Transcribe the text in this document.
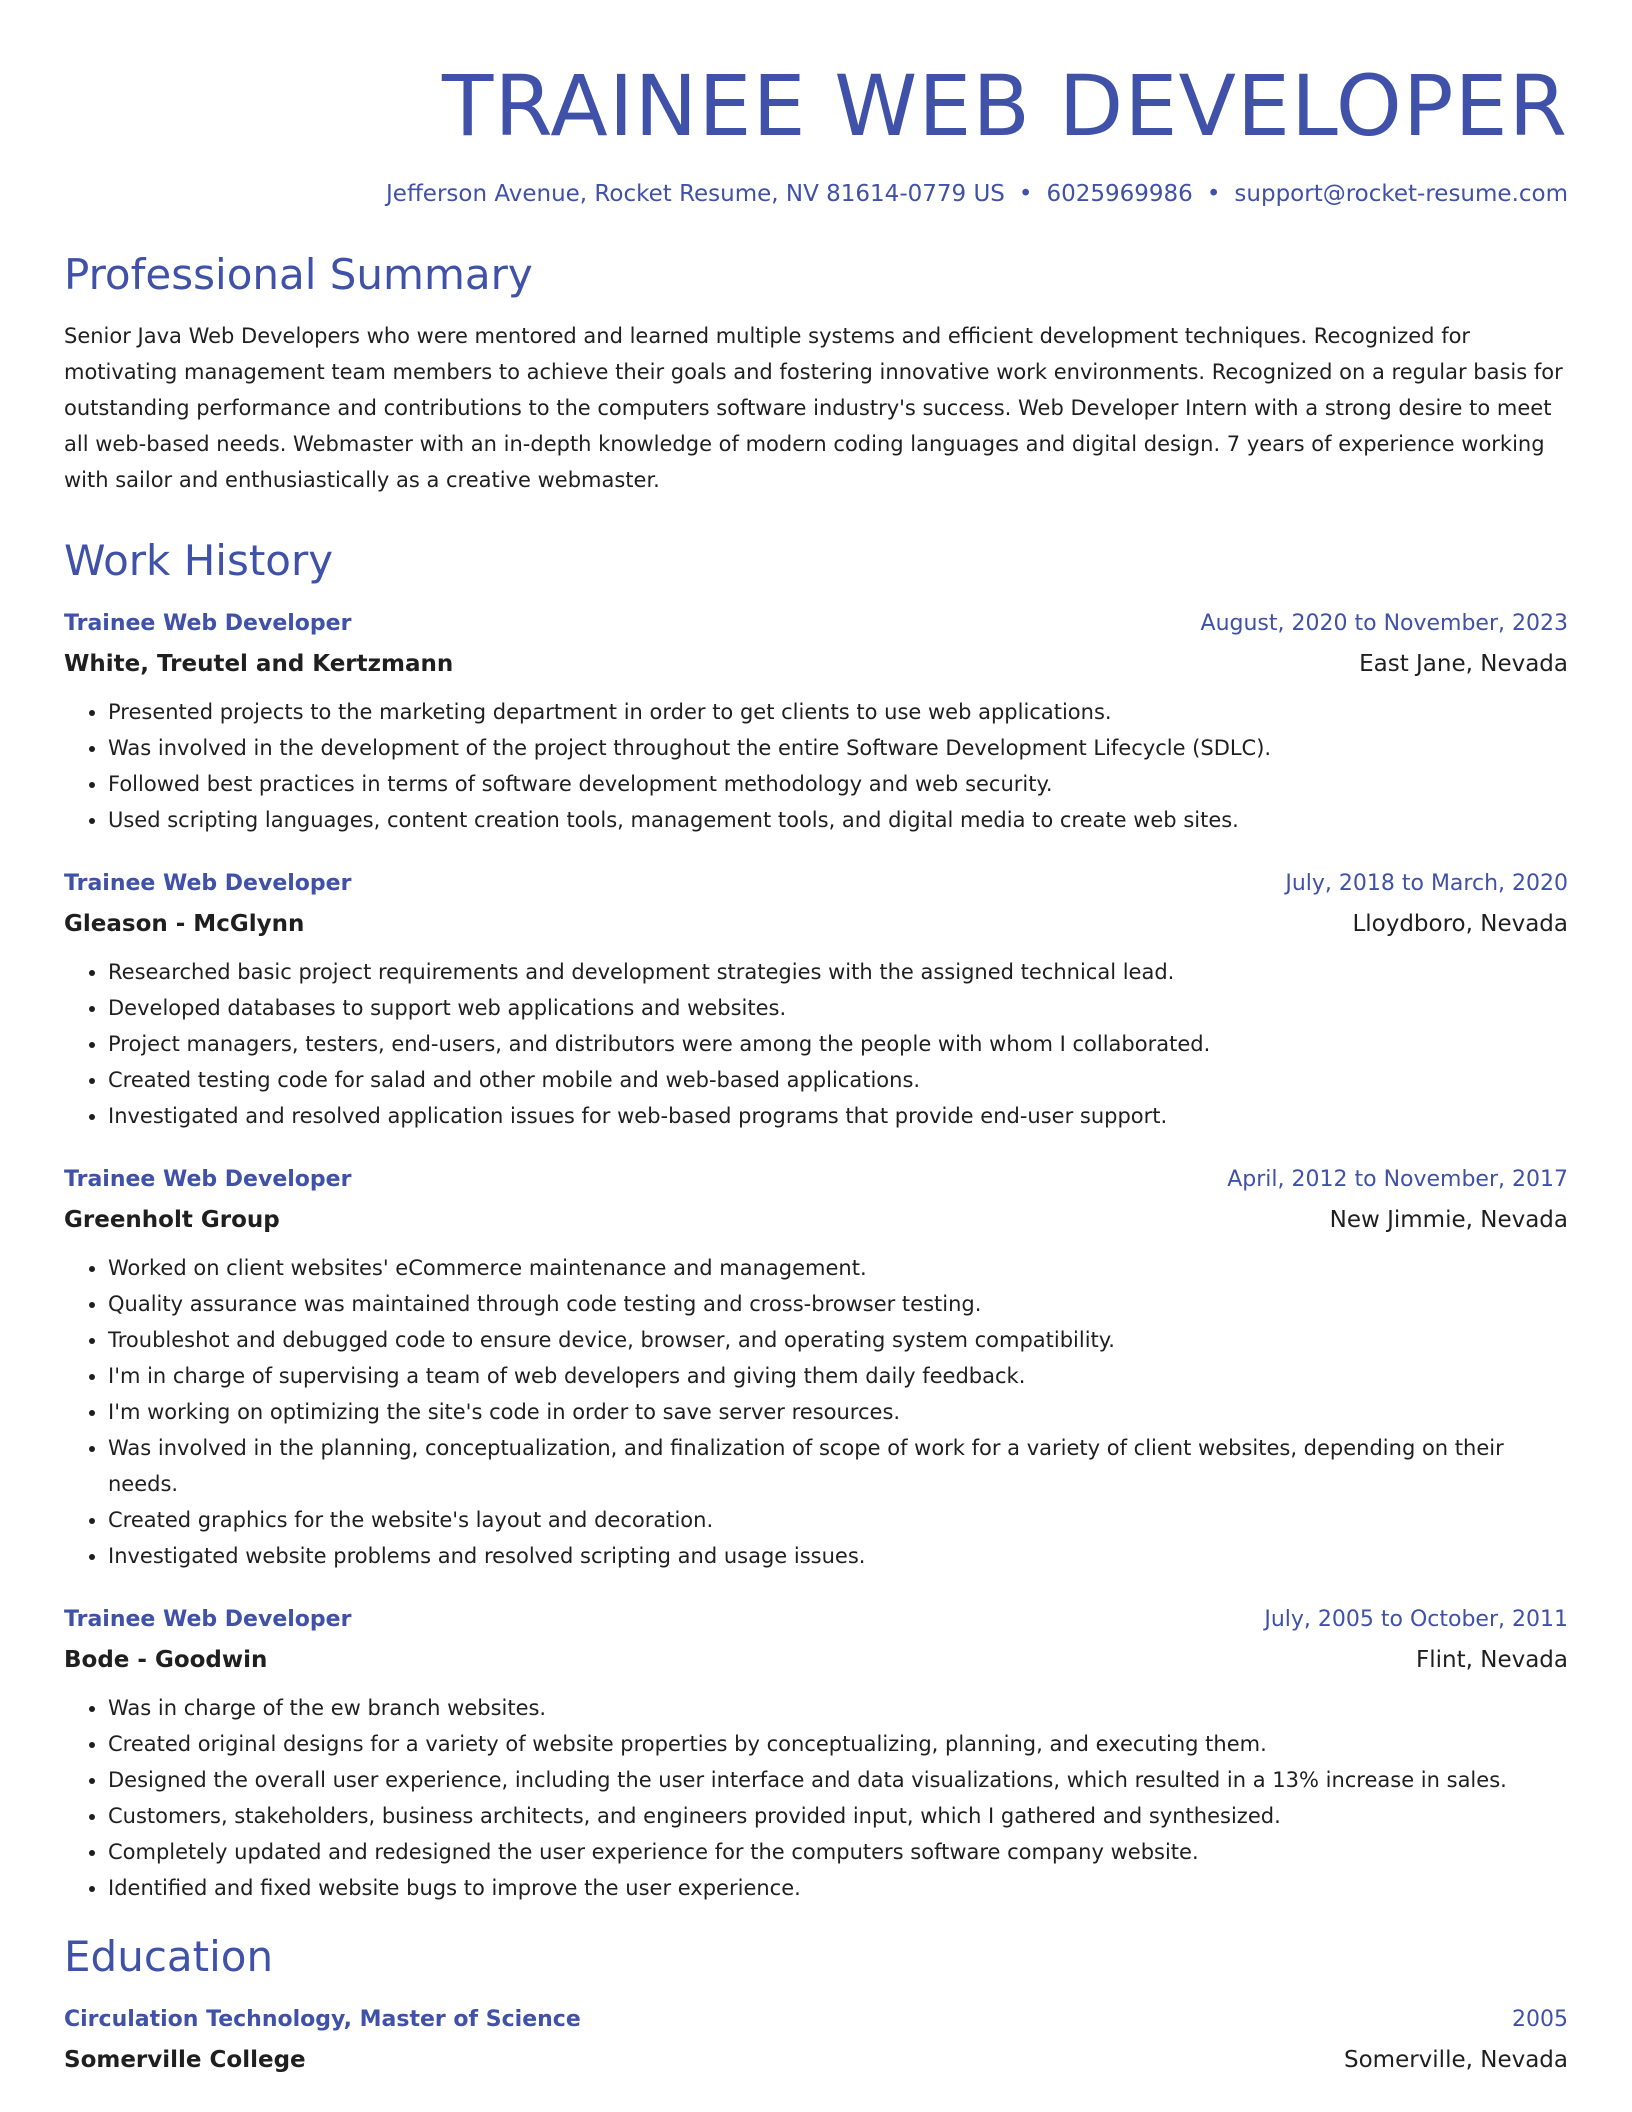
TRAINEE WEB DEVELOPER
Jefferson Avenue, Rocket Resume, NV 81614-0779 US • 6025969986 • support@rocket-resume.com
Professional Summary

Senior Java Web Developers who were mentored and learned multiple systems and efficient development techniques. Recognized for motivating management team members to achieve their goals and fostering innovative work environments. Recognized on a regular basis for outstanding performance and contributions to the computers software industry's success. Web Developer Intern with a strong desire to meet all web-based needs. Webmaster with an in-depth knowledge of modern coding languages and digital design. 7 years of experience working with sailor and enthusiastically as a creative webmaster.

Work History
Trainee Web Developer	August, 2020 to November, 2023
White, Treutel and Kertzmann	East Jane, Nevada
• Presented projects to the marketing department in order to get clients to use web applications.
• Was involved in the development of the project throughout the entire Software Development Lifecycle (SDLC).
• Followed best practices in terms of software development methodology and web security.
• Used scripting languages, content creation tools, management tools, and digital media to create web sites.
Trainee Web Developer	July, 2018 to March, 2020
Gleason - McGlynn	Lloydboro, Nevada
• Researched basic project requirements and development strategies with the assigned technical lead.
• Developed databases to support web applications and websites.
• Project managers, testers, end-users, and distributors were among the people with whom I collaborated.
• Created testing code for salad and other mobile and web-based applications.
• Investigated and resolved application issues for web-based programs that provide end-user support.
Trainee Web Developer	April, 2012 to November, 2017
Greenholt Group	New Jimmie, Nevada
• Worked on client websites' eCommerce maintenance and management.
• Quality assurance was maintained through code testing and cross-browser testing.
• Troubleshot and debugged code to ensure device, browser, and operating system compatibility.
• I'm in charge of supervising a team of web developers and giving them daily feedback.
• I'm working on optimizing the site's code in order to save server resources.
• Was involved in the planning, conceptualization, and finalization of scope of work for a variety of client websites, depending on their needs.
• Created graphics for the website's layout and decoration.
• Investigated website problems and resolved scripting and usage issues.
Trainee Web Developer	July, 2005 to October, 2011
Bode - Goodwin	Flint, Nevada
• Was in charge of the ew branch websites.
• Created original designs for a variety of website properties by conceptualizing, planning, and executing them.
• Designed the overall user experience, including the user interface and data visualizations, which resulted in a 13% increase in sales.
• Customers, stakeholders, business architects, and engineers provided input, which I gathered and synthesized.
• Completely updated and redesigned the user experience for the computers software company website.
• Identified and fixed website bugs to improve the user experience.
Education
Circulation Technology, Master of Science	2005
Somerville College	Somerville, Nevada
